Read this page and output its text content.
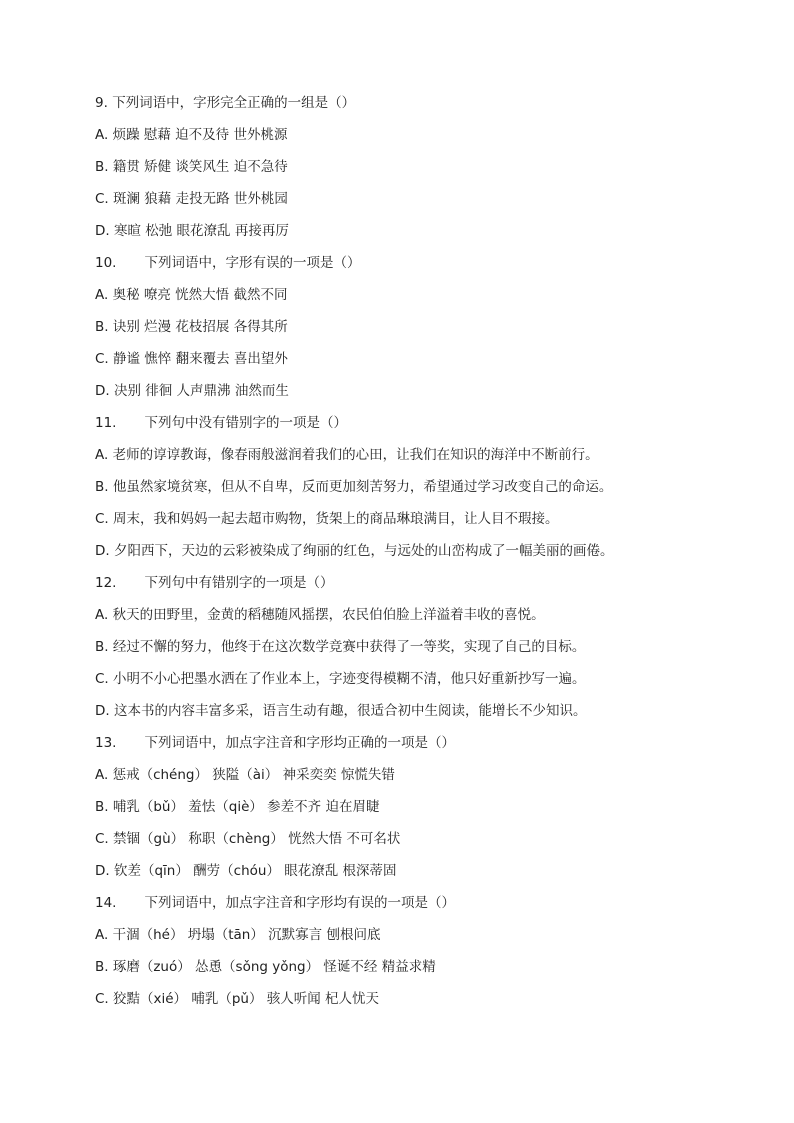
9. 下列词语中，字形完全正确的一组是（）
A. 烦躁 慰藉 迫不及待 世外桃源
B. 籍贯 矫健 谈笑风生 迫不急待
C. 斑澜 狼藉 走投无路 世外桃园
D. 寒暄 松弛 眼花潦乱 再接再厉
10. 下列词语中，字形有误的一项是（）
A. 奥秘 嘹亮 恍然大悟 截然不同
B. 诀别 烂漫 花枝招展 各得其所
C. 静谧 憔悴 翻来覆去 喜出望外
D. 决别 徘徊 人声鼎沸 油然而生
11. 下列句中没有错别字的一项是（）
A. 老师的谆谆教诲，像春雨般滋润着我们的心田，让我们在知识的海洋中不断前行。
B. 他虽然家境贫寒，但从不自卑，反而更加刻苦努力，希望通过学习改变自己的命运。
C. 周末，我和妈妈一起去超市购物，货架上的商品琳琅满目，让人目不瑕接。
D. 夕阳西下，天边的云彩被染成了绚丽的红色，与远处的山峦构成了一幅美丽的画倦。
12. 下列句中有错别字的一项是（）
A. 秋天的田野里，金黄的稻穗随风摇摆，农民伯伯脸上洋溢着丰收的喜悦。
B. 经过不懈的努力，他终于在这次数学竞赛中获得了一等奖，实现了自己的目标。
C. 小明不小心把墨水洒在了作业本上，字迹变得模糊不清，他只好重新抄写一遍。
D. 这本书的内容丰富多采，语言生动有趣，很适合初中生阅读，能增长不少知识。
13. 下列词语中，加点字注音和字形均正确的一项是（）
A. 惩戒（chéng） 狭隘（ài） 神采奕奕 惊慌失错
B. 哺乳（bǔ） 羞怯（qiè） 参差不齐 迫在眉睫
C. 禁锢（gù） 称职（chèng） 恍然大悟 不可名状
D. 钦差（qīn） 酬劳（chóu） 眼花潦乱 根深蒂固
14. 下列词语中，加点字注音和字形均有误的一项是（）
A. 干涸（hé） 坍塌（tān） 沉默寡言 刨根问底
B. 琢磨（zuó） 怂恿（sǒng yǒng） 怪诞不经 精益求精
C. 狡黠（xié） 哺乳（pǔ） 骇人听闻 杞人忧天
